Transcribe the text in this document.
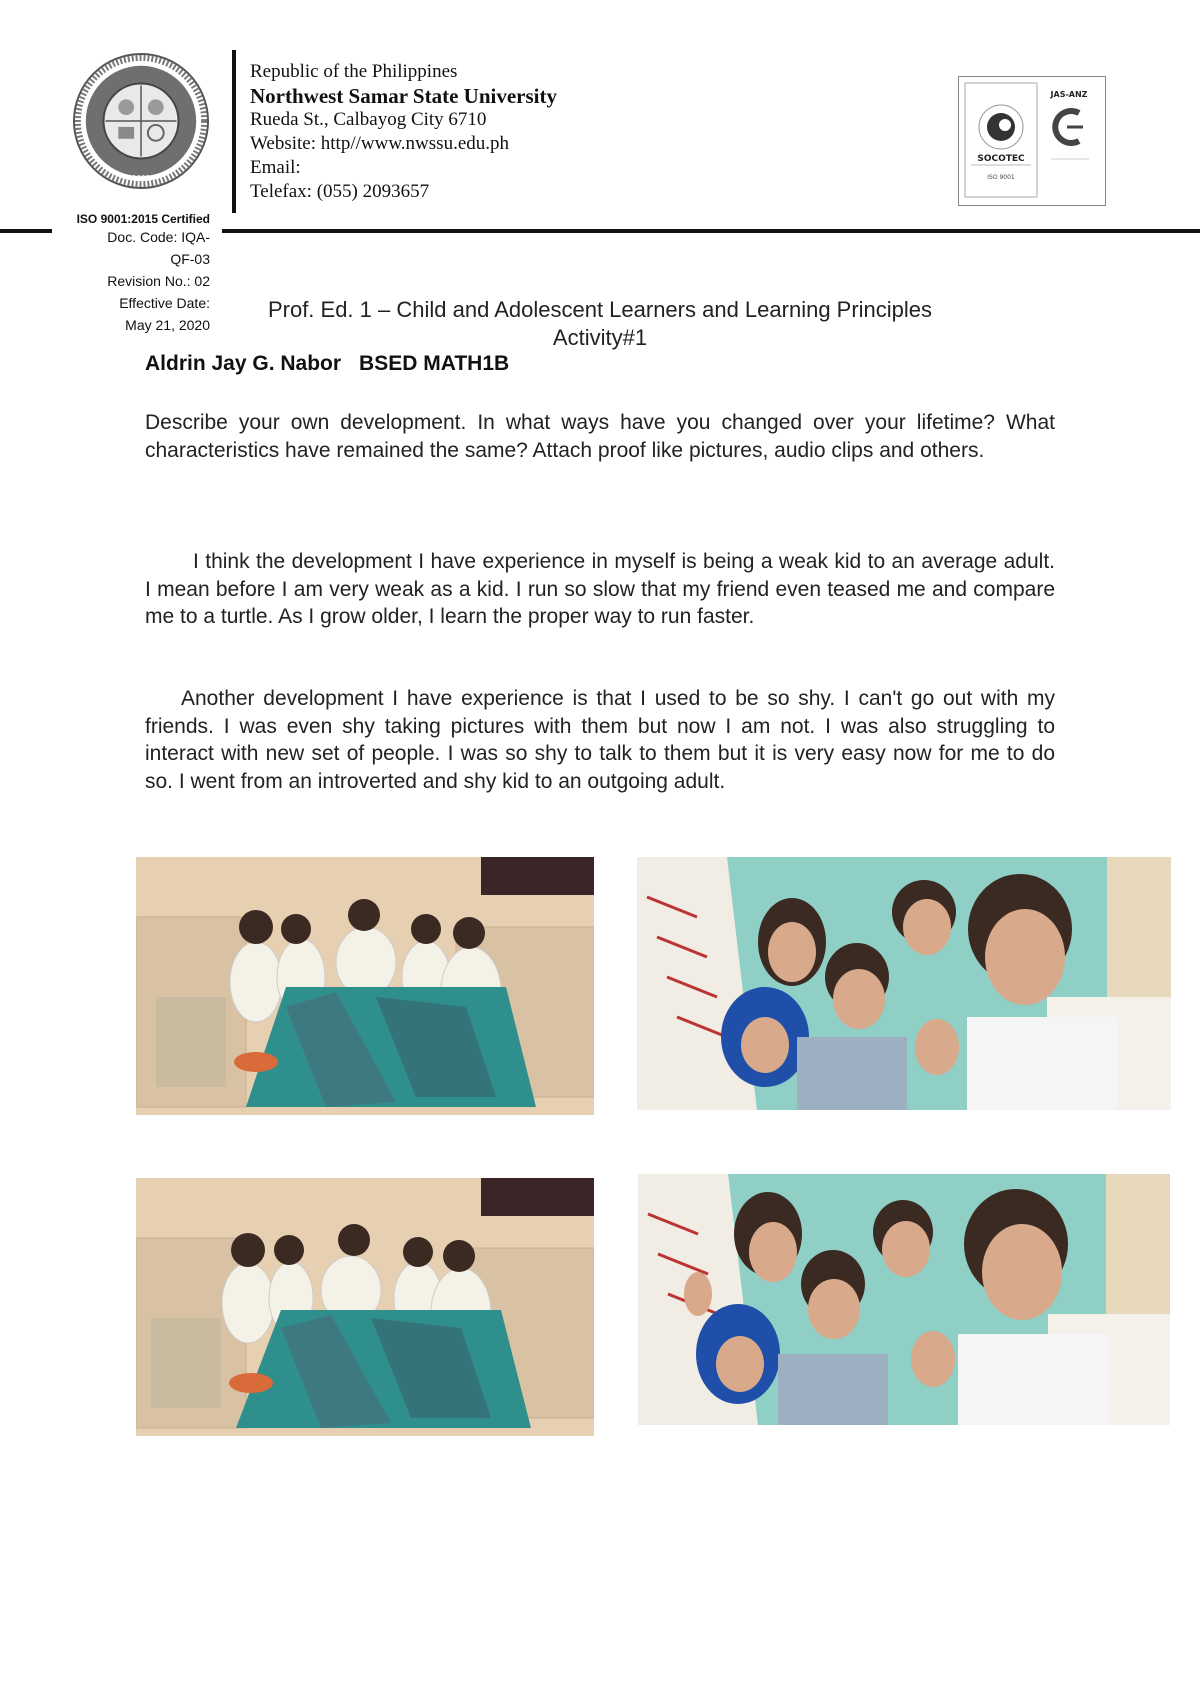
1960
Republic of the Philippines
Northwest Samar State University
Rueda St., Calbayog City 6710
Website: http//www.nwssu.edu.ph
Email:
Telefax: (055) 2093657
SOCOTEC
ISO 9001
JAS-ANZ
ISO 9001:2015 Certified
Doc. Code: IQA-
QF-03
Revision No.: 02
Effective Date:
May 21, 2020
Prof. Ed. 1 – Child and Adolescent Learners and Learning Principles
Activity#1
Aldrin Jay G. Nabor BSED MATH1B
Describe your own development. In what ways have you changed over your lifetime? What characteristics have remained the same? Attach proof like pictures, audio clips and others.

I think the development I have experience in myself is being a weak kid to an average adult. I mean before I am very weak as a kid. I run so slow that my friend even teased me and compare me to a turtle. As I grow older, I learn the proper way to run faster.

Another development I have experience is that I used to be so shy. I can't go out with my friends. I was even shy taking pictures with them but now I am not. I was also struggling to interact with new set of people. I was so shy to talk to them but it is very easy now for me to do so. I went from an introverted and shy kid to an outgoing adult.
